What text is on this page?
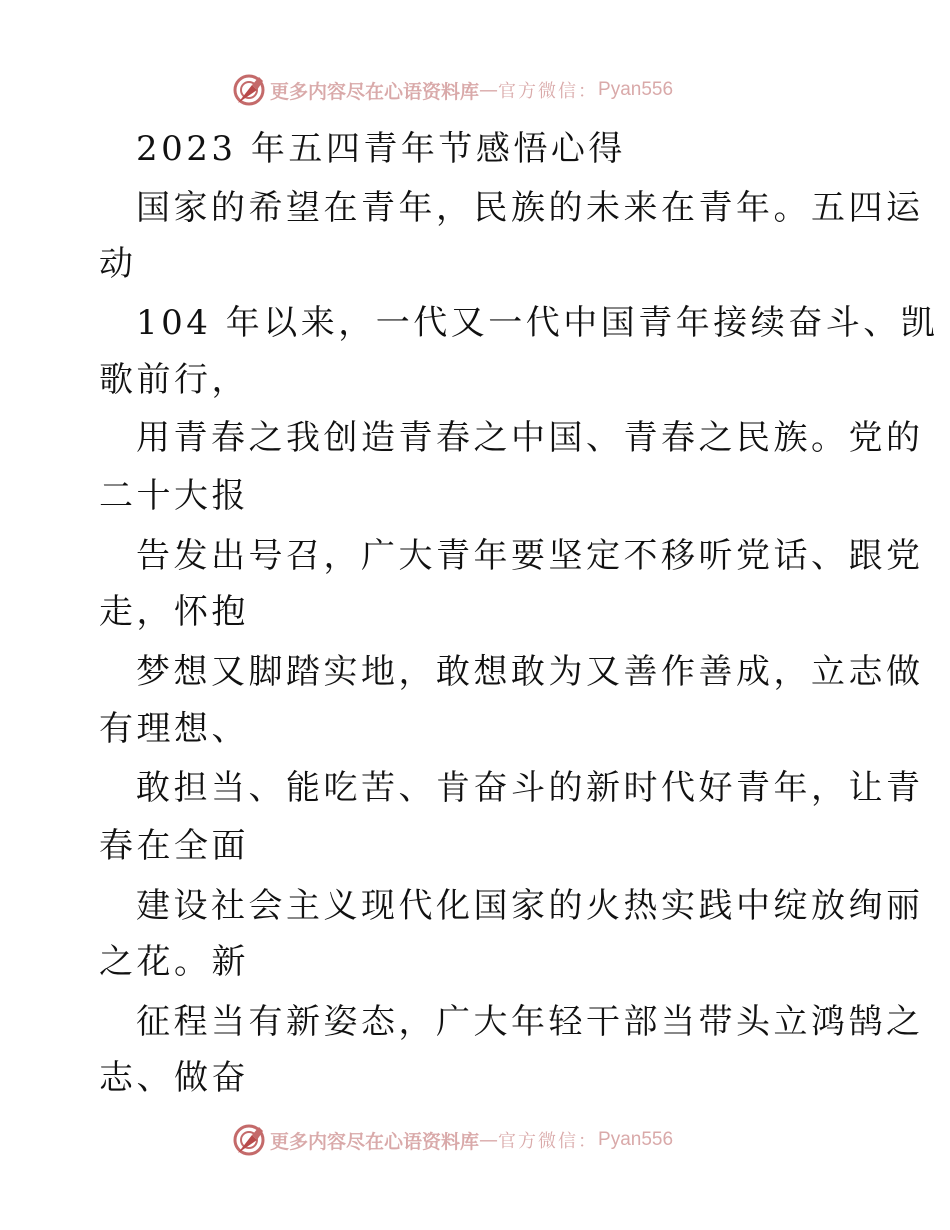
更多内容尽在心语资料库 — 官方微信： Pyan556
2023 年五四青年节感悟心得
国家的希望在青年，民族的未来在青年。五四运
动
104 年以来，一代又一代中国青年接续奋斗、凯
歌前行，
用青春之我创造青春之中国、青春之民族。党的
二十大报
告发出号召，广大青年要坚定不移听党话、跟党
走，怀抱
梦想又脚踏实地，敢想敢为又善作善成，立志做
有理想、
敢担当、能吃苦、肯奋斗的新时代好青年，让青
春在全面
建设社会主义现代化国家的火热实践中绽放绚丽
之花。新
征程当有新姿态，广大年轻干部当带头立鸿鹄之
志、做奋
更多内容尽在心语资料库 — 官方微信： Pyan556
